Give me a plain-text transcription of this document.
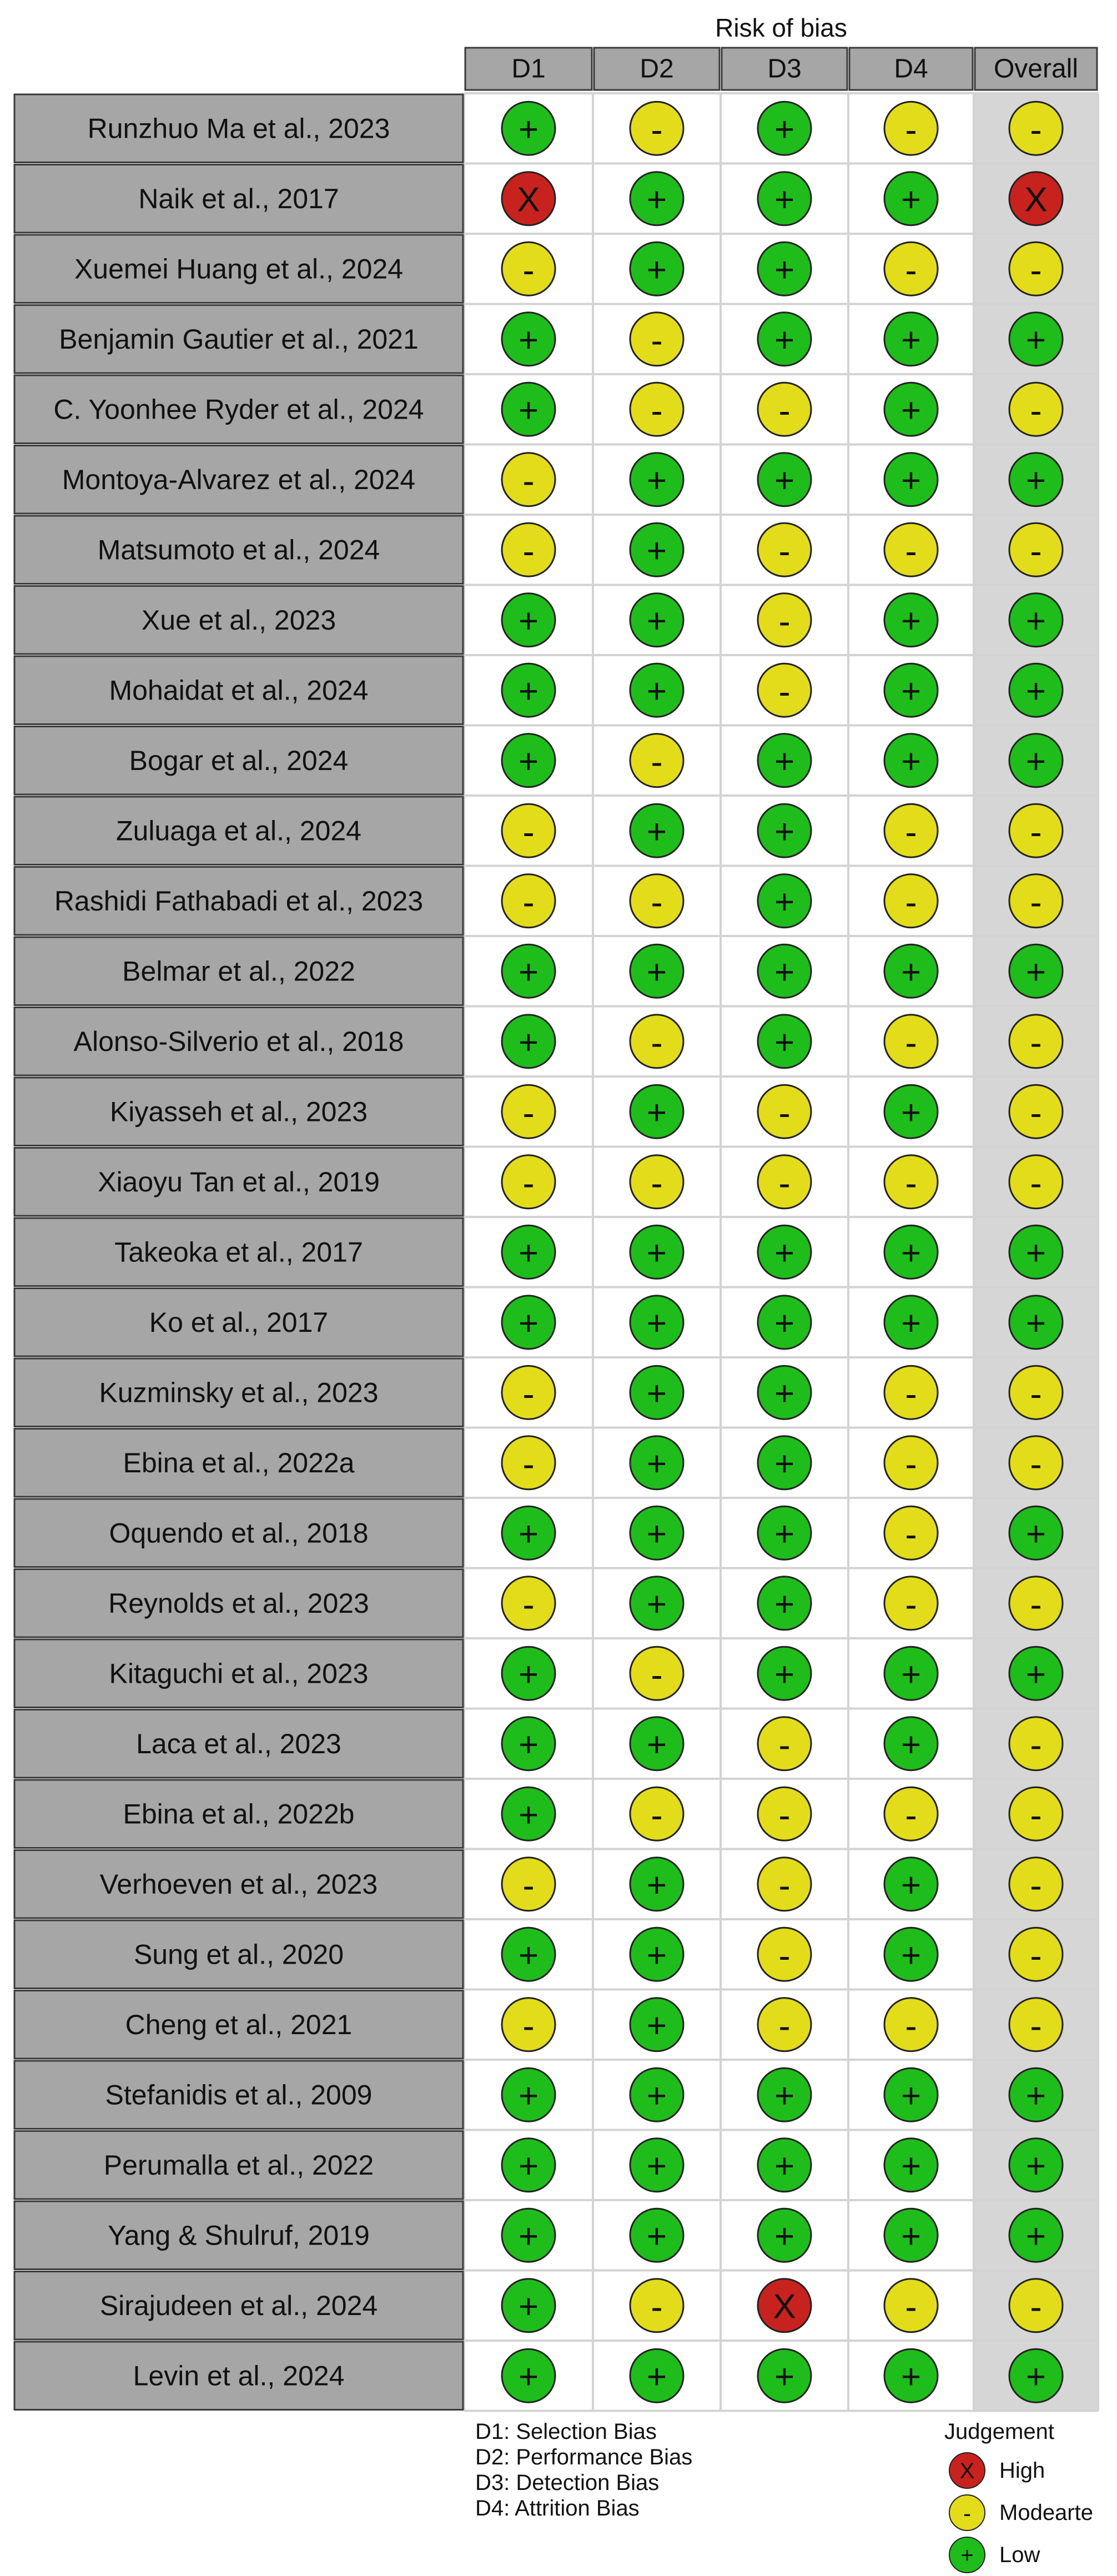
Risk of bias
D1	D2	D3	D4 Overall
Runzhuo Ma et al., 2023	+	-	+	-	-
Naik et al., 2017	X	+	+	+	X
Xuemei Huang et al., 2024	-	+	+	-	-
Benjamin Gautier et al., 2021	+	-	+	+	+
C. Yoonhee Ryder et al., 2024	+	-	-	+	-
Montoya-Alvarez et al., 2024	-	+	+	+	+
Matsumoto et al., 2024	-	+	-	-	-
Xue et al., 2023	+	+	-	+	+
Mohaidat et al., 2024	+	+	-	+	+
Bogar et al., 2024	+	-	+	+	+
Zuluaga et al., 2024	-	+	+	-	-
Rashidi Fathabadi et al., 2023	-	-	+	-	-
Belmar et al., 2022	+	+	+	+	+
Alonso-Silverio et al., 2018	+	-	+	-	-
Kiyasseh et al., 2023	-	+	-	+	-
Xiaoyu Tan et al., 2019	-	-	-	-	-
Takeoka et al., 2017	+	+	+	+	+
Ko et al., 2017	+	+	+	+	+
Kuzminsky et al., 2023	-	+	+	-	-
Ebina et al., 2022a	-	+	+	-	-
Oquendo et al., 2018	+	+	+	-	+
Reynolds et al., 2023	-	+	+	-	-
Kitaguchi et al., 2023	+	-	+	+	+
Laca et al., 2023	+	+	-	+	-
Ebina et al., 2022b	+	-	-	-	-
Verhoeven et al., 2023	-	+	-	+	-
Sung et al., 2020	+	+	-	+	-
Cheng et al., 2021	-	+	-	-	-
Stefanidis et al., 2009	+	+	+	+	+
Perumalla et al., 2022	+	+	+	+	+
Yang & Shulruf, 2019	+	+	+	+	+
Sirajudeen et al., 2024	+	-	X	-	-
Levin et al., 2024	+	+	+	+	+
D1: Selection Bias
D2: Performance Bias
D3: Detection Bias
D4: Attrition Bias
Judgement
X High
- Modearte
+ Low
